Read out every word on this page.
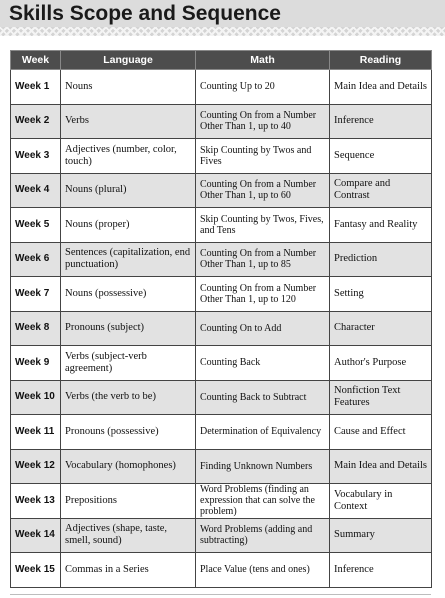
Skills Scope and Sequence
Week	Language	Math	Reading
Week 1	Nouns	Counting Up to 20	Main Idea and Details
Week 2	Verbs	Counting On from a Number Other Than 1, up to 40	Inference
Week 3	Adjectives (number, color, touch)	Skip Counting by Twos and Fives	Sequence
Week 4	Nouns (plural)	Counting On from a Number Other Than 1, up to 60	Compare and Contrast
Week 5	Nouns (proper)	Skip Counting by Twos, Fives, and Tens	Fantasy and Reality
Week 6	Sentences (capitalization, end punctuation)	Counting On from a Number Other Than 1, up to 85	Prediction
Week 7	Nouns (possessive)	Counting On from a Number Other Than 1, up to 120	Setting
Week 8	Pronouns (subject)	Counting On to Add	Character
Week 9	Verbs (subject-verb agreement)	Counting Back	Author's Purpose
Week 10	Verbs (the verb to be)	Counting Back to Subtract	Nonfiction Text Features
Week 11	Pronouns (possessive)	Determination of Equivalency	Cause and Effect
Week 12	Vocabulary (homophones)	Finding Unknown Numbers	Main Idea and Details
Week 13	Prepositions	Word Problems (finding an expression that can solve the problem)	Vocabulary in Context
Week 14	Adjectives (shape, taste, smell, sound)	Word Problems (adding and subtracting)	Summary
Week 15	Commas in a Series	Place Value (tens and ones)	Inference
